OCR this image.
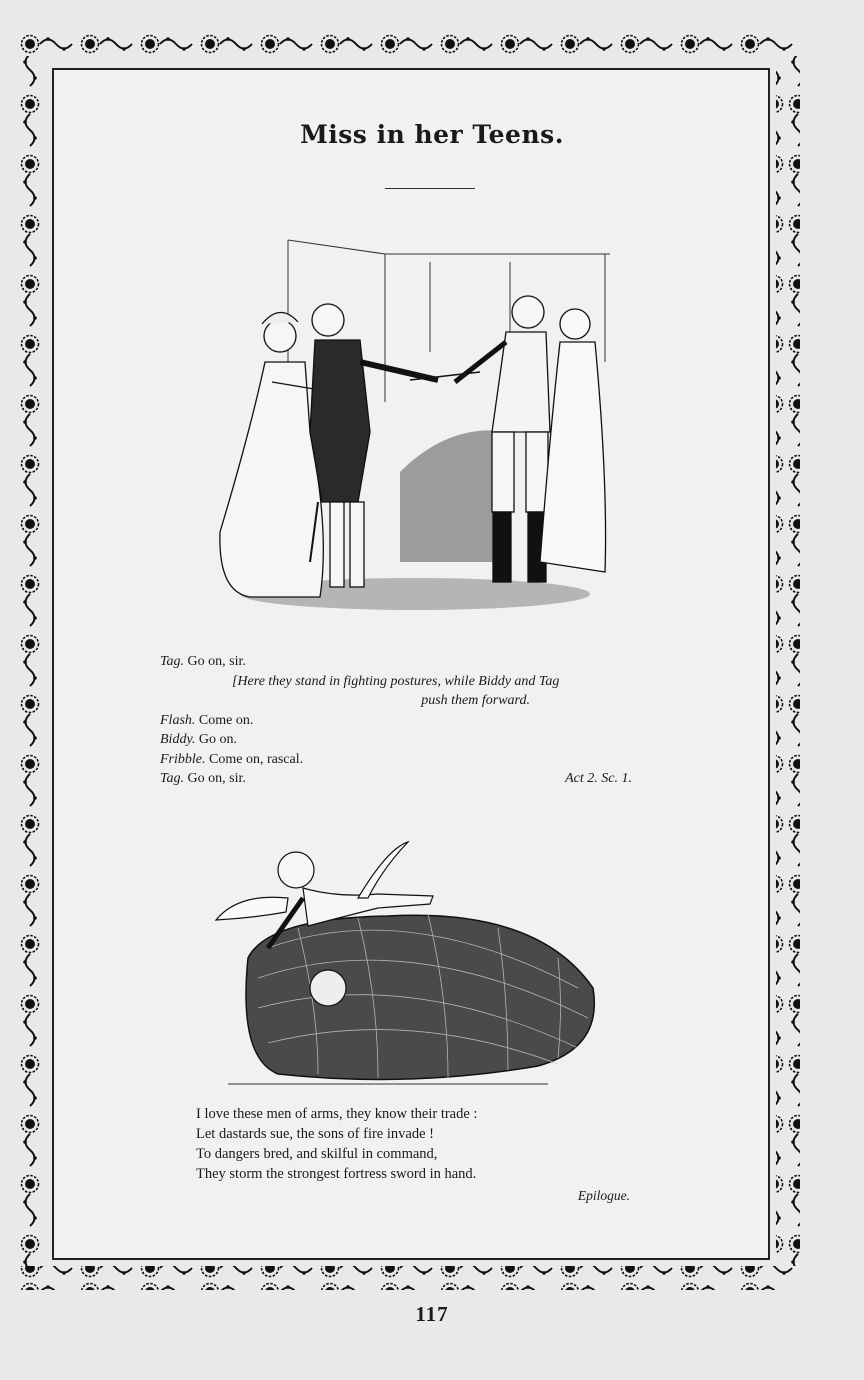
Miss in her Teens.
Tag. Go on, sir.
[Here they stand in fighting postures, while Biddy and Tag
push them forward.
Flash. Come on.
Biddy. Go on.
Fribble. Come on, rascal.
Tag. Go on, sir.	Act 2. Sc. 1.
I love these men of arms, they know their trade :
Let dastards sue, the sons of fire invade !
To dangers bred, and skilful in command,
They storm the strongest fortress sword in hand.
Epilogue.
117
